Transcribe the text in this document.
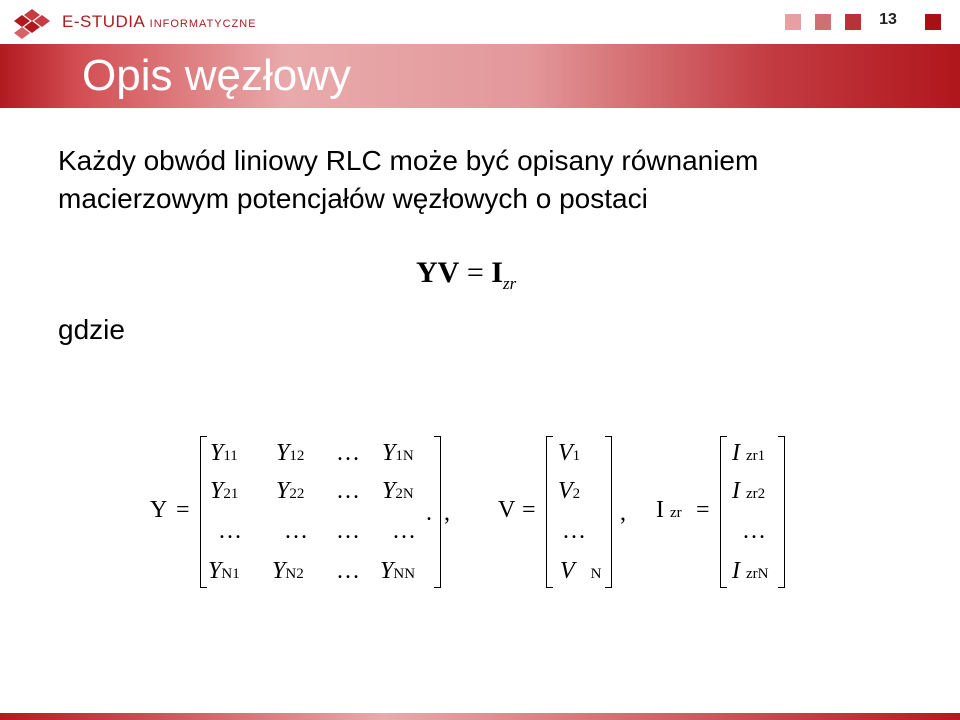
E-STUDIA INFORMATYCZNE	13
Opis węzłowy
Każdy obwód liniowy RLC może być opisany równaniem macierzowym potencjałów węzłowych o postaci
YV = $I_{zr}$
gdzie
Y =
Y11 Y12 … Y1N
Y21 Y22 … Y2N
… … … …
YN1 YN2 … YNN
.  , V =
V1
V2
…
V N
, I zr =
I zr1
I zr2
…
I zrN
